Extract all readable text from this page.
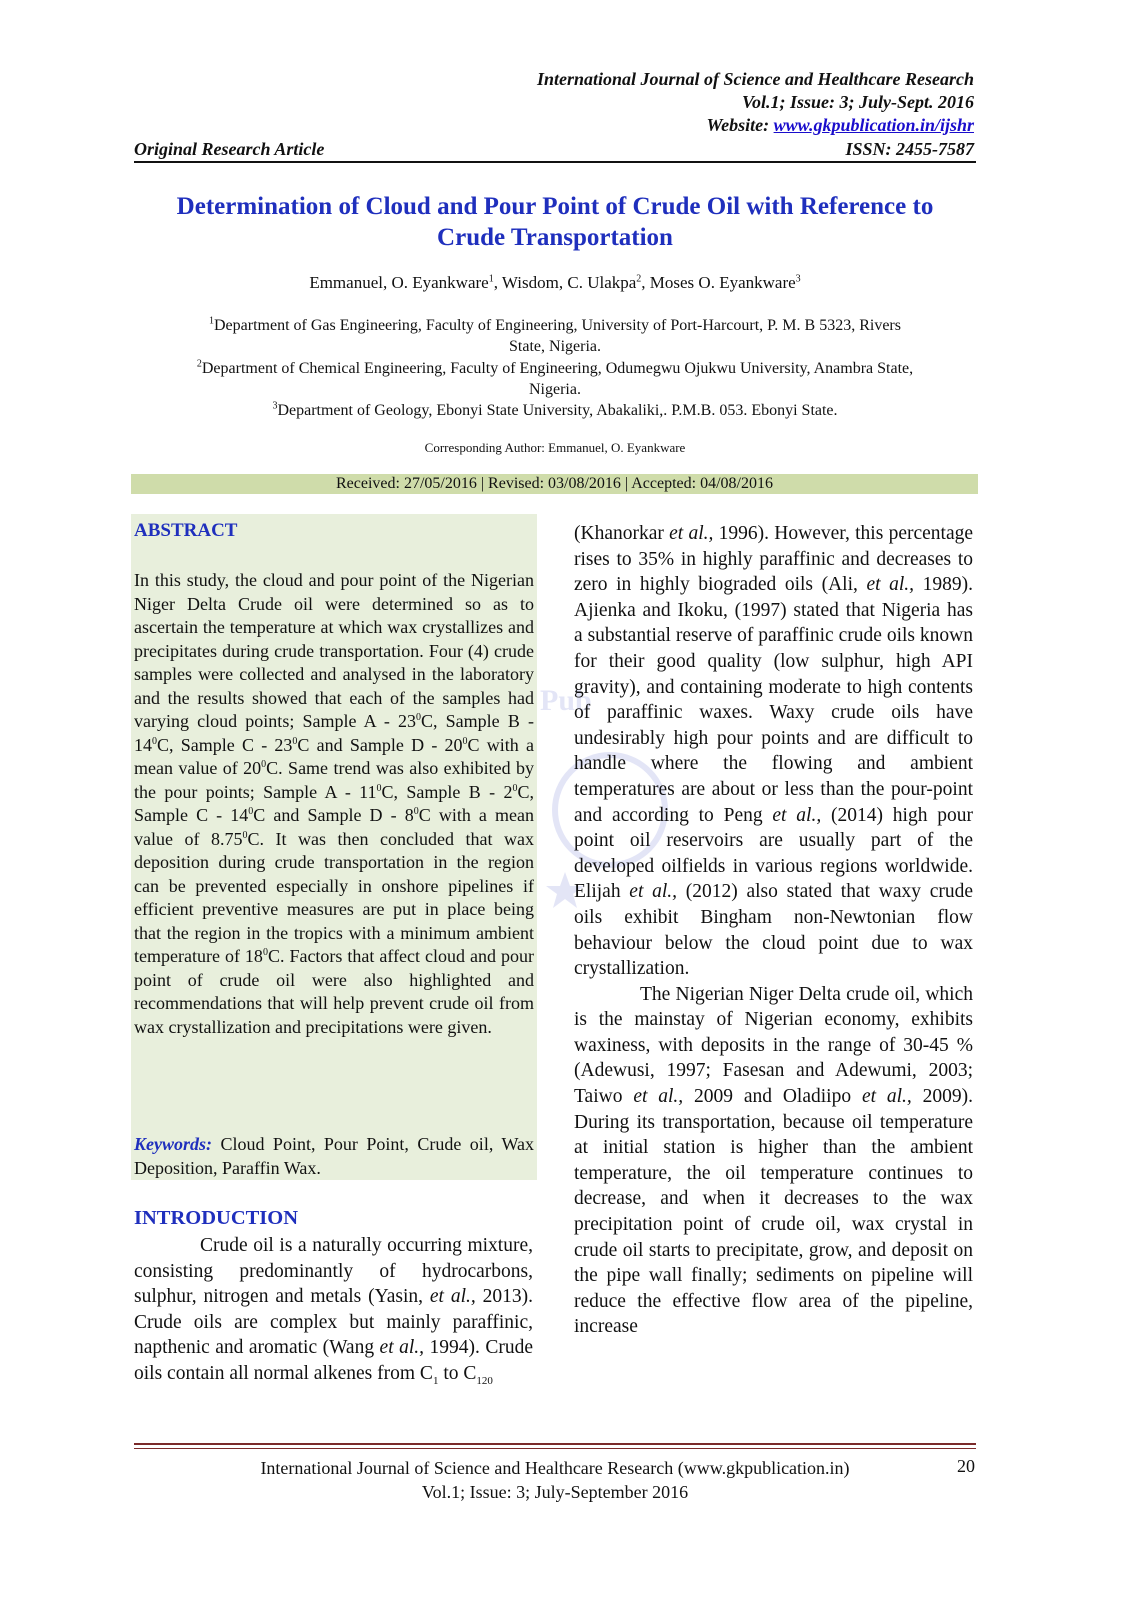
International Journal of Science and Healthcare Research
Vol.1; Issue: 3; July-Sept. 2016
Website: www.gkpublication.in/ijshr
Original Research Article	ISSN: 2455-7587
Determination of Cloud and Pour Point of Crude Oil with Reference to
Crude Transportation
Emmanuel, O. Eyankware$^1$, Wisdom, C. Ulakpa$^2$, Moses O. Eyankware$^3$
$^1$Department of Gas Engineering, Faculty of Engineering, University of Port-Harcourt, P. M. B 5323, Rivers
State, Nigeria.
$^2$Department of Chemical Engineering, Faculty of Engineering, Odumegwu Ojukwu University, Anambra State,
Nigeria.
$^3$Department of Geology, Ebonyi State University, Abakaliki,. P.M.B. 053. Ebonyi State.
Corresponding Author: Emmanuel, O. Eyankware
Received: 27/05/2016 | Revised: 03/08/2016 | Accepted: 04/08/2016
ABSTRACT
In this study, the cloud and pour point of the Nigerian Niger Delta Crude oil were determined so as to ascertain the temperature at which wax crystallizes and precipitates during crude transportation. Four (4) crude samples were collected and analysed in the laboratory and the results showed that each of the samples had varying cloud points; Sample A - $23^0C$, Sample B - $14^0C$, Sample C - $23^0C$ and Sample D - $20^0C$ with a mean value of $20^0C$. Same trend was also exhibited by the pour points; Sample A - $11^0C$, Sample B - $2^0C$, Sample C - $14^0C$ and Sample D - $8^0C$ with a mean value of 8.75$^0$C. It was then concluded that wax deposition during crude transportation in the region can be prevented especially in onshore pipelines if efficient preventive measures are put in place being that the region in the tropics with a minimum ambient temperature of $18^0C$. Factors that affect cloud and pour point of crude oil were also highlighted and recommendations that will help prevent crude oil from wax crystallization and precipitations were given.
Keywords: Cloud Point, Pour Point, Crude oil, Wax Deposition, Paraffin Wax.
INTRODUCTION

Crude oil is a naturally occurring mixture, consisting predominantly of hydrocarbons, sulphur, nitrogen and metals (Yasin, et al., 2013). Crude oils are complex but mainly paraffinic, napthenic and aromatic (Wang et al., 1994). Crude oils contain all normal alkenes from $C_1$ to $C_{120}$

Pub

(Khanorkar et al., 1996). However, this percentage rises to 35% in highly paraffinic and decreases to zero in highly biograded oils (Ali, et al., 1989). Ajienka and Ikoku, (1997) stated that Nigeria has a substantial reserve of paraffinic crude oils known for their good quality (low sulphur, high API gravity), and containing moderate to high contents of paraffinic waxes. Waxy crude oils have undesirably high pour points and are difficult to handle where the flowing and ambient temperatures are about or less than the pour-point and according to Peng et al., (2014) high pour point oil reservoirs are usually part of the developed oilfields in various regions worldwide. Elijah et al., (2012) also stated that waxy crude oils exhibit Bingham non-Newtonian flow behaviour below the cloud point due to wax crystallization.

The Nigerian Niger Delta crude oil, which is the mainstay of Nigerian economy, exhibits waxiness, with deposits in the range of 30-45 % (Adewusi, 1997; Fasesan and Adewumi, 2003; Taiwo et al., 2009 and Oladiipo et al., 2009). During its transportation, because oil temperature at initial station is higher than the ambient temperature, the oil temperature continues to decrease, and when it decreases to the wax precipitation point of crude oil, wax crystal in crude oil starts to precipitate, grow, and deposit on the pipe wall finally; sediments on pipeline will reduce the effective flow area of the pipeline, increase

International Journal of Science and Healthcare Research (www.gkpublication.in)
Vol.1; Issue: 3; July-September 2016
20
